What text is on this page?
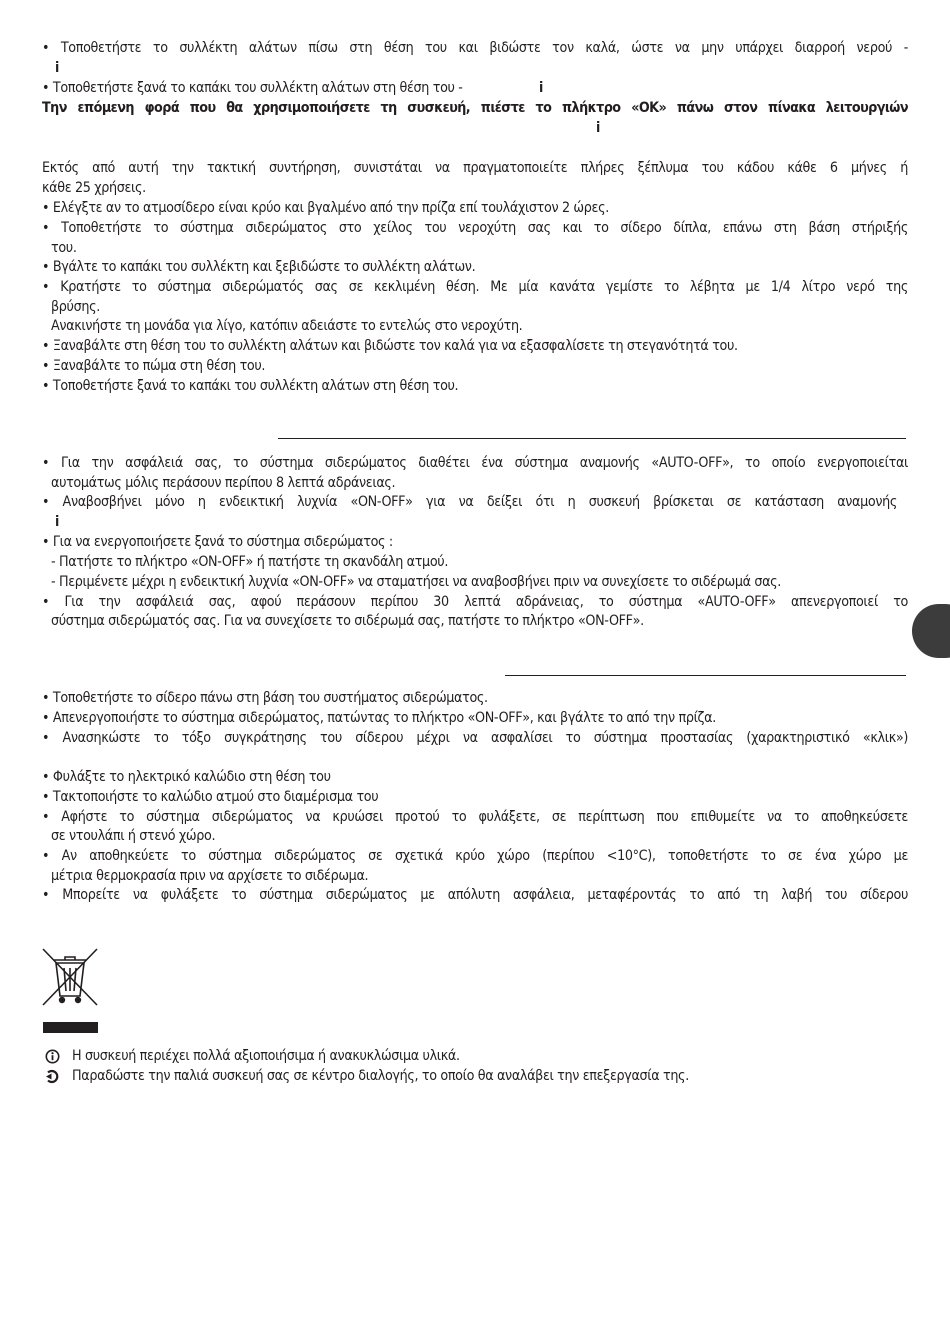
• Τοποθετήστε το συλλέκτη αλάτων πίσω στη θέση του και βιδώστε τον καλά, ώστε να μην υπάρχει διαρροή νερού -
i
• Τοποθετήστε ξανά το καπάκι του συλλέκτη αλάτων στη θέση του -	i
Την επόμενη φορά που θα χρησιμοποιήσετε τη συσκευή, πιέστε το πλήκτρο «OK» πάνω στον πίνακα λειτουργιών
i
Εκτός από αυτή την τακτική συντήρηση, συνιστάται να πραγματοποιείτε πλήρες ξέπλυμα του κάδου κάθε 6 μήνες ή
κάθε 25 χρήσεις.
• Ελέγξτε αν το ατμοσίδερο είναι κρύο και βγαλμένο από την πρίζα επί τουλάχιστον 2 ώρες.
• Τοποθετήστε το σύστημα σιδερώματος στο χείλος του νεροχύτη σας και το σίδερο δίπλα, επάνω στη βάση στήριξής
του.
• Βγάλτε το καπάκι του συλλέκτη και ξεβιδώστε το συλλέκτη αλάτων.
• Κρατήστε το σύστημα σιδερώματός σας σε κεκλιμένη θέση. Με μία κανάτα γεμίστε το λέβητα με 1/4 λίτρο νερό της
βρύσης.
Ανακινήστε τη μονάδα για λίγο, κατόπιν αδειάστε το εντελώς στο νεροχύτη.
• Ξαναβάλτε στη θέση του το συλλέκτη αλάτων και βιδώστε τον καλά για να εξασφαλίσετε τη στεγανότητά του.
• Ξαναβάλτε το πώμα στη θέση του.
• Τοποθετήστε ξανά το καπάκι του συλλέκτη αλάτων στη θέση του.
• Για την ασφάλειά σας, το σύστημα σιδερώματος διαθέτει ένα σύστημα αναμονής «AUTO-OFF», το οποίο ενεργοποιείται
αυτομάτως μόλις περάσουν περίπου 8 λεπτά αδράνειας.
• Αναβοσβήνει μόνο η ενδεικτική λυχνία «ON-OFF» για να δείξει ότι η συσκευή βρίσκεται σε κατάσταση αναμονής
i
• Για να ενεργοποιήσετε ξανά το σύστημα σιδερώματος :
- Πατήστε το πλήκτρο «ON-OFF» ή πατήστε τη σκανδάλη ατμού.
- Περιμένετε μέχρι η ενδεικτική λυχνία «ON-OFF» να σταματήσει να αναβοσβήνει πριν να συνεχίσετε το σιδέρωμά σας.
• Για την ασφάλειά σας, αφού περάσουν περίπου 30 λεπτά αδράνειας, το σύστημα «AUTO-OFF» απενεργοποιεί το
σύστημα σιδερώματός σας. Για να συνεχίσετε το σιδέρωμά σας, πατήστε το πλήκτρο «ON-OFF».
• Τοποθετήστε το σίδερο πάνω στη βάση του συστήματος σιδερώματος.
• Απενεργοποιήστε το σύστημα σιδερώματος, πατώντας το πλήκτρο «ON-OFF», και βγάλτε το από την πρίζα.
• Ανασηκώστε το τόξο συγκράτησης του σίδερου μέχρι να ασφαλίσει το σύστημα προστασίας (χαρακτηριστικό «κλικ»)
• Φυλάξτε το ηλεκτρικό καλώδιο στη θέση του
• Τακτοποιήστε το καλώδιο ατμού στο διαμέρισμα του
• Αφήστε το σύστημα σιδερώματος να κρυώσει προτού το φυλάξετε, σε περίπτωση που επιθυμείτε να το αποθηκεύσετε
σε ντουλάπι ή στενό χώρο.
• Αν αποθηκεύετε το σύστημα σιδερώματος σε σχετικά κρύο χώρο (περίπου <10°C), τοποθετήστε το σε ένα χώρο με
μέτρια θερμοκρασία πριν να αρχίσετε το σιδέρωμα.
• Μπορείτε να φυλάξετε το σύστημα σιδερώματος με απόλυτη ασφάλεια, μεταφέροντάς το από τη λαβή του σίδερου
Η συσκευή περιέχει πολλά αξιοποιήσιμα ή ανακυκλώσιμα υλικά.
Παραδώστε την παλιά συσκευή σας σε κέντρο διαλογής, το οποίο θα αναλάβει την επεξεργασία της.
